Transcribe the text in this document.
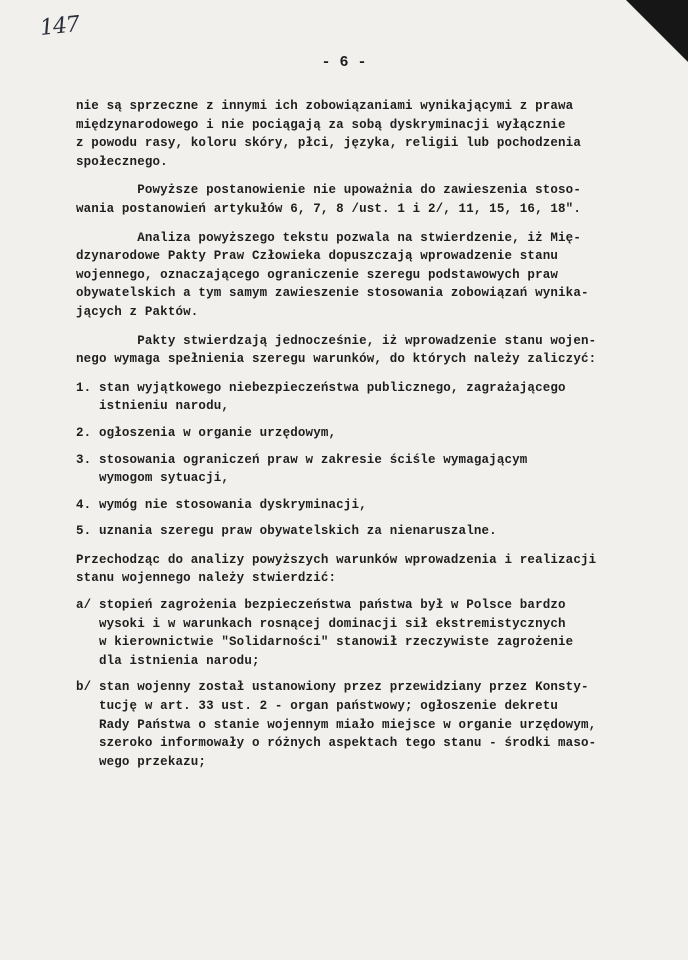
147
- 6 -
nie są sprzeczne z innymi ich zobowiązaniami wynikającymi z prawa
międzynarodowego i nie pociągają za sobą dyskryminacji wyłącznie
z powodu rasy, koloru skóry, płci, języka, religii lub pochodzenia
społecznego.
Powyższe postanowienie nie upoważnia do zawieszenia stoso-
wania postanowień artykułów 6, 7, 8 /ust. 1 i 2/, 11, 15, 16, 18".
Analiza powyższego tekstu pozwala na stwierdzenie, iż Mię-
dzynarodowe Pakty Praw Człowieka dopuszczają wprowadzenie stanu
wojennego, oznaczającego ograniczenie szeregu podstawowych praw
obywatelskich a tym samym zawieszenie stosowania zobowiązań wynika-
jących z Paktów.
Pakty stwierdzają jednocześnie, iż wprowadzenie stanu wojen-
nego wymaga spełnienia szeregu warunków, do których należy zaliczyć:
1. stan wyjątkowego niebezpieczeństwa publicznego, zagrażającego
istnieniu narodu,
2. ogłoszenia w organie urzędowym,
3. stosowania ograniczeń praw w zakresie ściśle wymagającym
wymogom sytuacji,
4. wymóg nie stosowania dyskryminacji,
5. uznania szeregu praw obywatelskich za nienaruszalne.
Przechodząc do analizy powyższych warunków wprowadzenia i realizacji
stanu wojennego należy stwierdzić:
a/ stopień zagrożenia bezpieczeństwa państwa był w Polsce bardzo
wysoki i w warunkach rosnącej dominacji sił ekstremistycznych
w kierownictwie "Solidarności" stanowił rzeczywiste zagrożenie
dla istnienia narodu;
b/ stan wojenny został ustanowiony przez przewidziany przez Konsty-
tucję w art. 33 ust. 2 - organ państwowy; ogłoszenie dekretu
Rady Państwa o stanie wojennym miało miejsce w organie urzędowym,
szeroko informowały o różnych aspektach tego stanu - środki maso-
wego przekazu;
